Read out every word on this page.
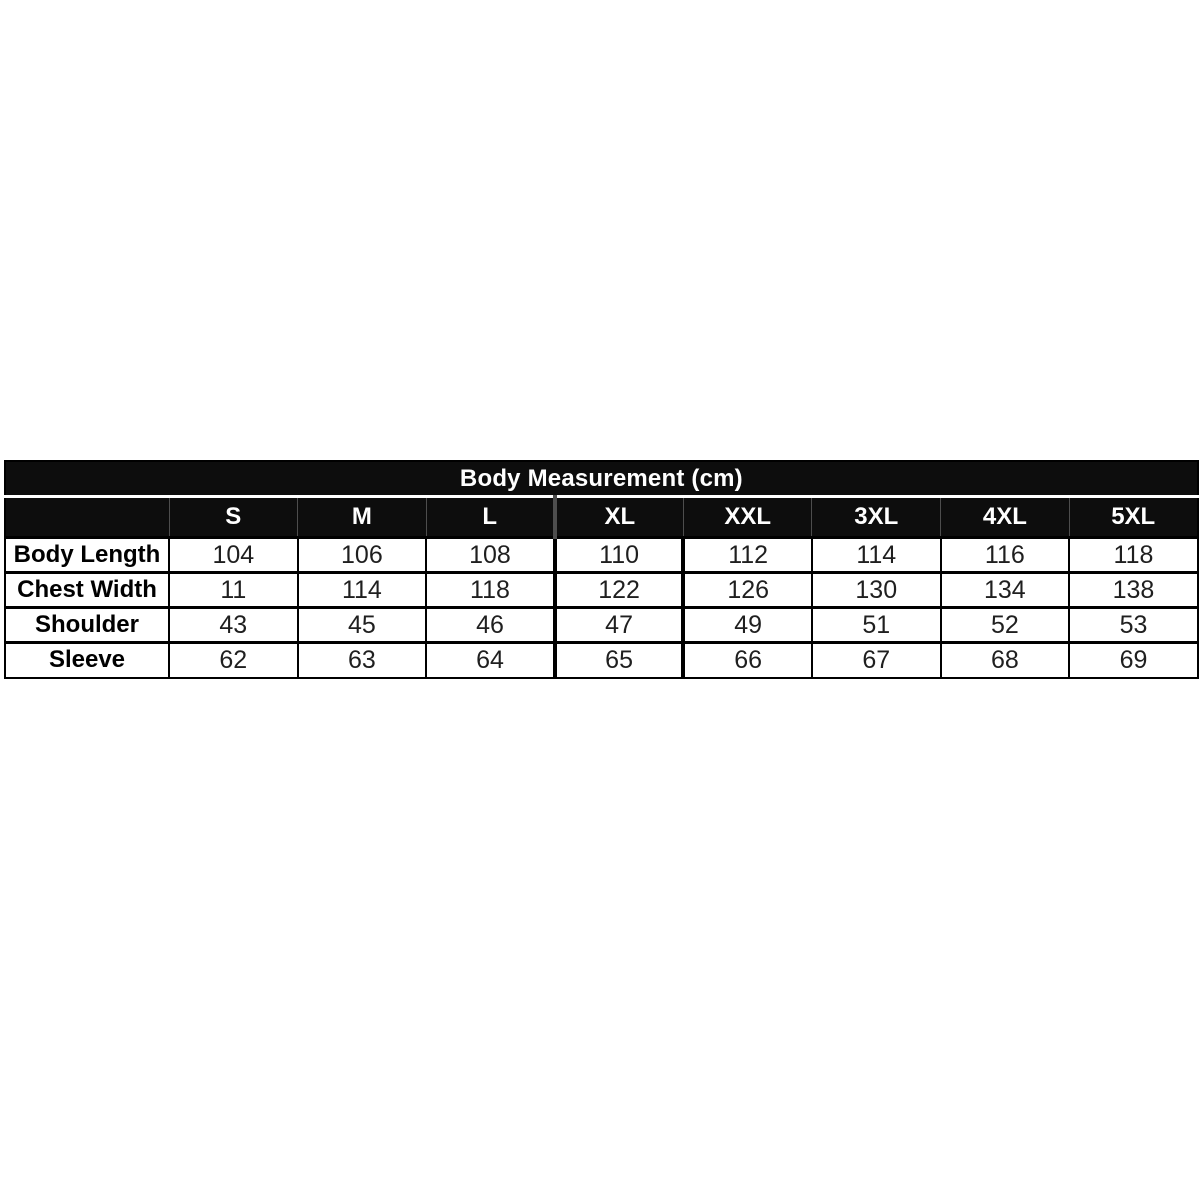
Body Measurement (cm)								
	S	M	L	XL	XXL	3XL	4XL	5XL
Body Length	104	106	108	110	112	114	116	118
Chest Width	11	114	118	122	126	130	134	138
Shoulder	43	45	46	47	49	51	52	53
Sleeve	62	63	64	65	66	67	68	69
